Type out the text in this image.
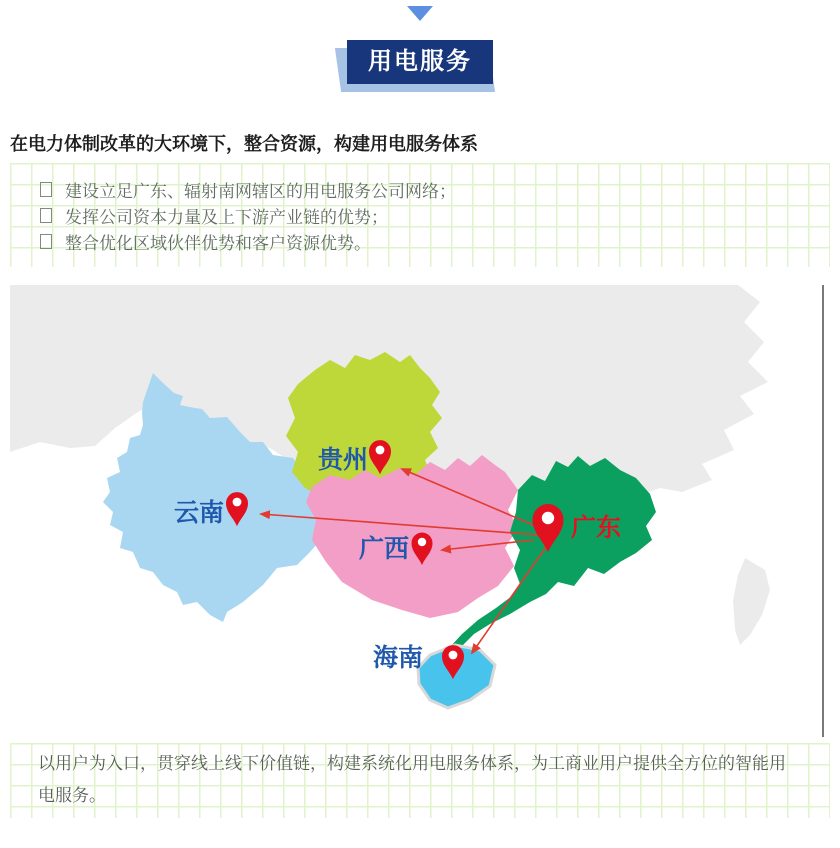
用电服务
在电力体制改革的大环境下，整合资源，构建用电服务体系
建设立足广东、辐射南网辖区的用电服务公司网络；
发挥公司资本力量及上下游产业链的优势；
整合优化区域伙伴优势和客户资源优势。
贵州
云南
广西
广东
海南

以用户为入口，贯穿线上线下价值链，构建系统化用电服务体系，为工商业用户提供全方位的智能用电服务。
